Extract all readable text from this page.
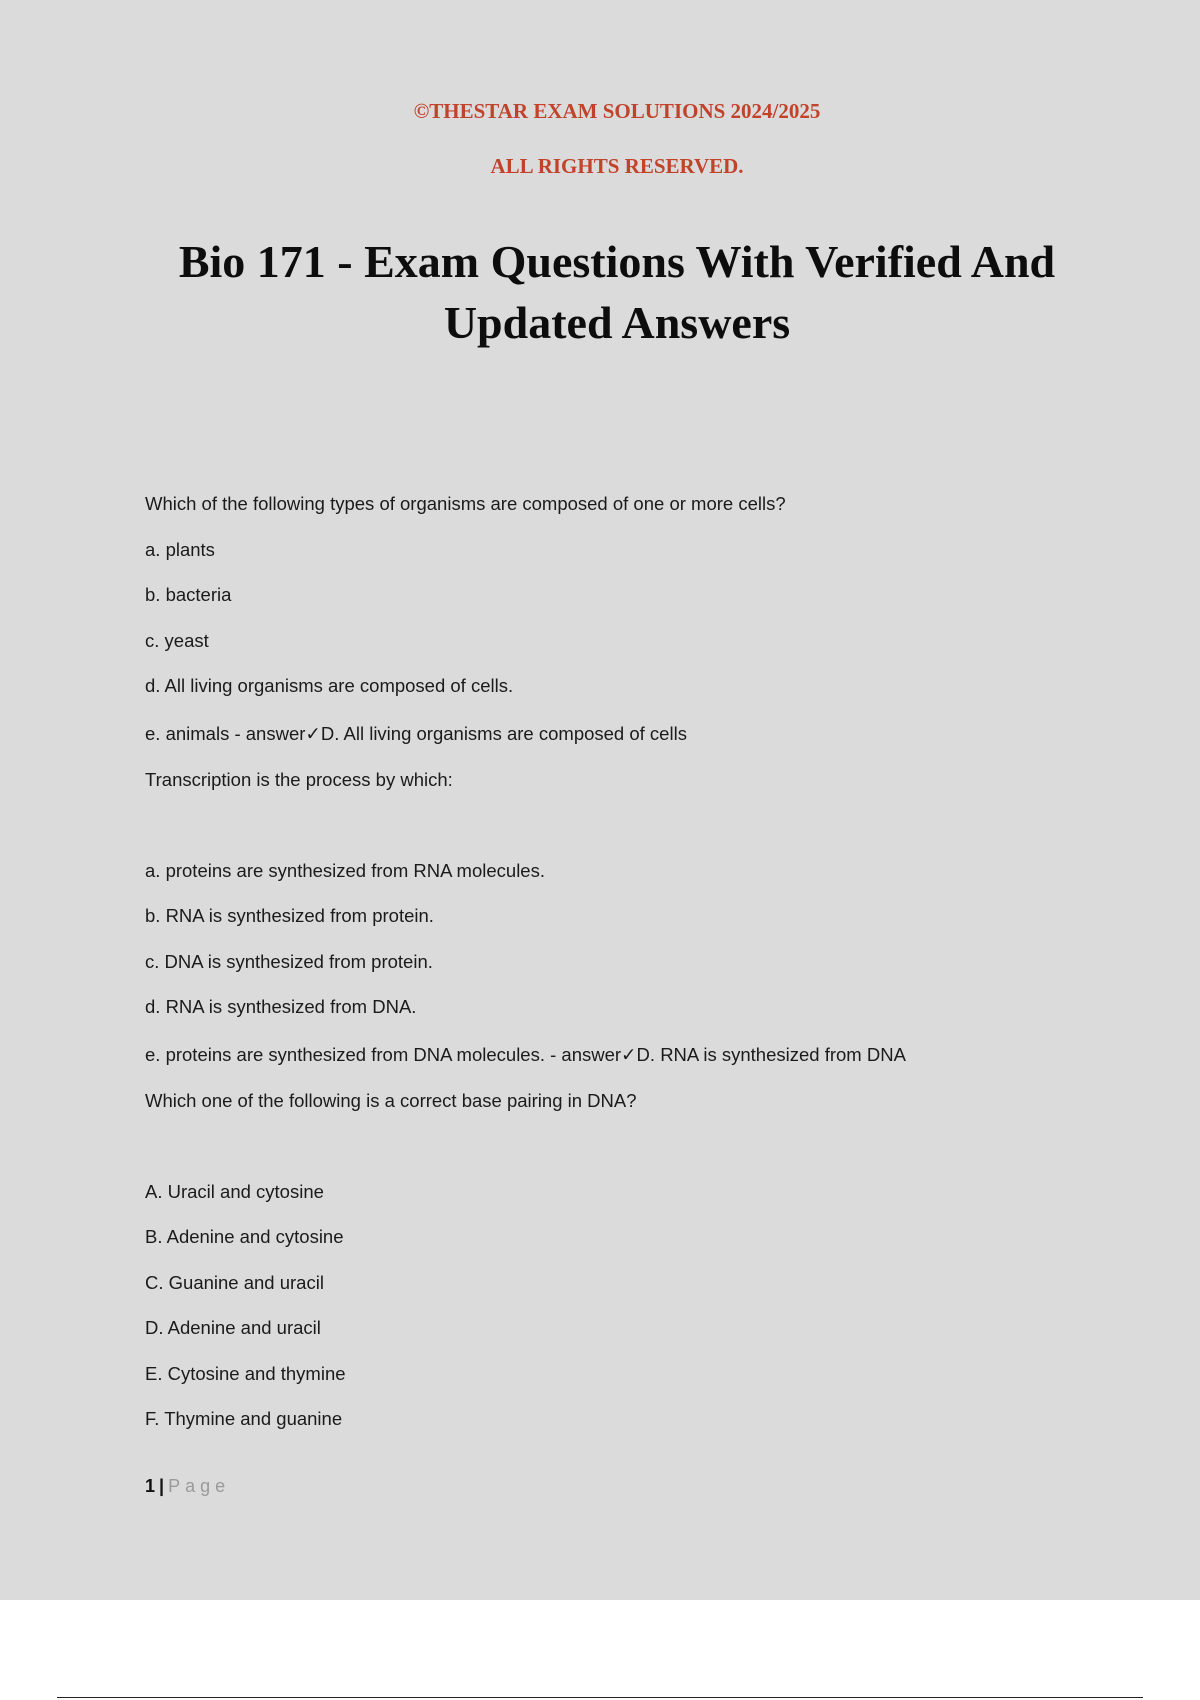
©THESTAR EXAM SOLUTIONS 2024/2025
ALL RIGHTS RESERVED.
Bio 171 - Exam Questions With Verified And
Updated Answers
Which of the following types of organisms are composed of one or more cells?
a. plants
b. bacteria
c. yeast
d. All living organisms are composed of cells.
e. animals - answer✓D. All living organisms are composed of cells
Transcription is the process by which:
a. proteins are synthesized from RNA molecules.
b. RNA is synthesized from protein.
c. DNA is synthesized from protein.
d. RNA is synthesized from DNA.
e. proteins are synthesized from DNA molecules. - answer✓D. RNA is synthesized from DNA
Which one of the following is a correct base pairing in DNA?
A. Uracil and cytosine
B. Adenine and cytosine
C. Guanine and uracil
D. Adenine and uracil
E. Cytosine and thymine
F. Thymine and guanine
1 | Page
